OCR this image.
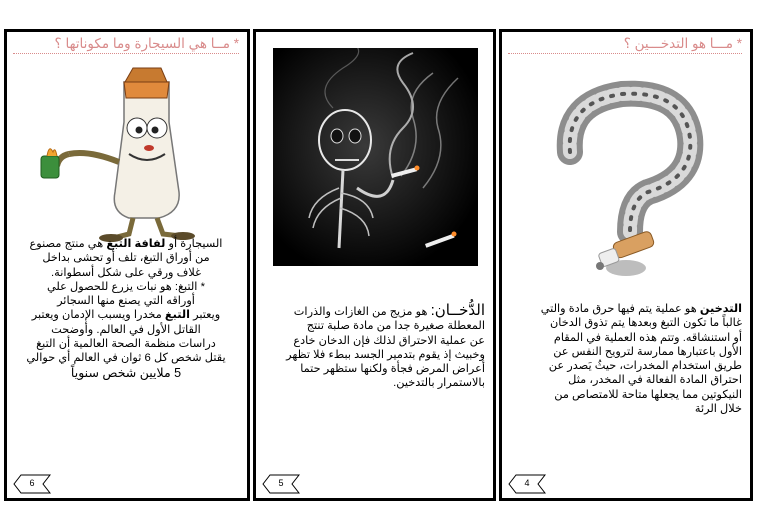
* مــا هي السيجارة وما مكوناتها ؟

السيجارة أو لفافة التبغ هي منتج مصنوع

من أوراق التبغ، تلف أو تحشى بداخل

غلاف ورقي على شكل أسطوانة.

* التبغ: هو نبات يزرع للحصول علي

أوراقه التي يصنع منها السجائر

ويعتبر التبغ مخدرا ويسبب الإدمان ويعتبر

القاتل الأول في العالم. وأوضحت

دراسات منظمة الصحة العالمية أن التبغ

يقتل شخص كل 6 ثوان في العالم أي حوالي

5 ملايين شخص سنوياً

6

الدُّخــان: هو مزيج من الغازات والذرات

المعطلة صغيرة جدا من مادة صلبة تنتج

عن عملية الاحتراق لذلك فإن الدخان خادع

وخبيث إذ يقوم بتدمير الجسد ببطء فلا تظهر

أعراض المرض فجأة ولكنها ستظهر حتما

بالاستمرار بالتدخين.

5
* مـــا هو التدخـــين ؟

التدخين هو عملية يتم فيها حرق مادة والتي

غالباً ما تكون التبغ وبعدها يتم تذوق الدخان

أو استنشاقه. وتتم هذه العملية في المقام

الأول باعتبارها ممارسة لترويح النفس عن

طريق استخدام المخدرات، حيثُ يَصدر عن

احتراق المادة الفعالة في المخدر، مثل

النيكوتين مما يجعلها متاحة للامتصاص من

خلال الرئة

4
